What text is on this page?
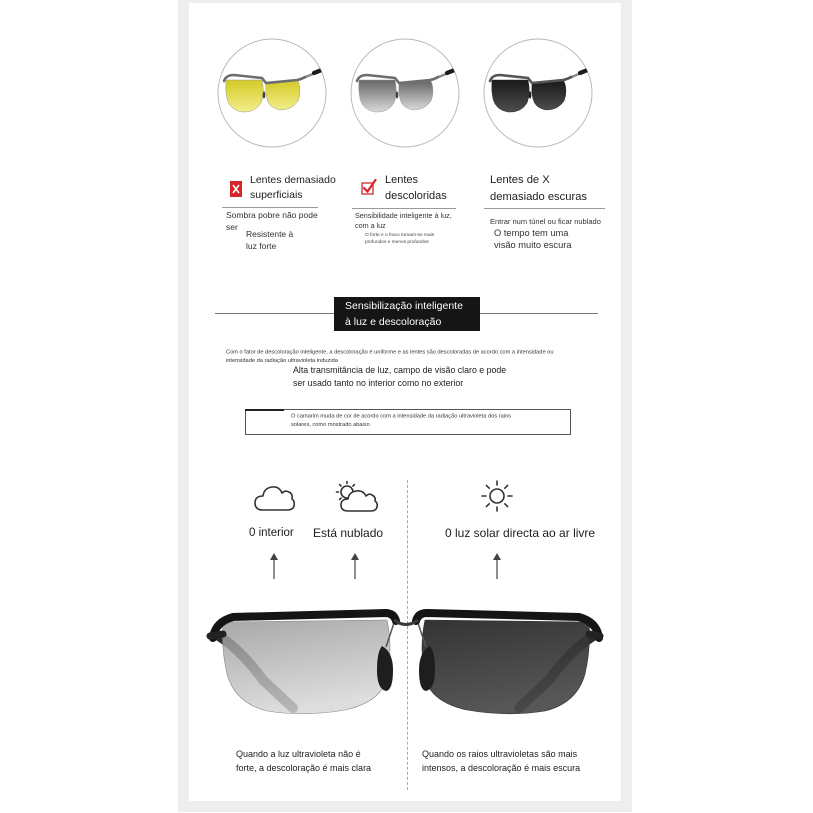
Lentes demasiado
superficiais
Sombra pobre não pode
ser
Resistente à
luz forte
Lentes
descoloridas
Sensibilidade inteligente à luz,
com a luz
O forte e o fraco tornam-se mais
profundos e menos profundos
Lentes de X
demasiado escuras
Entrar num túnel ou ficar nublado
O tempo tem uma
visão muito escura
Sensibilização inteligente
à luz e descoloração
Com o fator de descoloração inteligente, a descoloração é uniforme e as lentes são descoloradas de acordo com a intensidade ou
intensidade da radiação ultravioleta induzida
Alta transmitância de luz, campo de visão claro e pode
ser usado tanto no interior como no exterior
O camarim muda de cor de acordo com a intensidade da radiação ultravioleta dos raios
solares, como mostrado abaixo
0 interior Está nublado	0 luz solar directa ao ar livre
Quando a luz ultravioleta não é
forte, a descoloração é mais clara
Quando os raios ultravioletas são mais
intensos, a descoloração é mais escura
